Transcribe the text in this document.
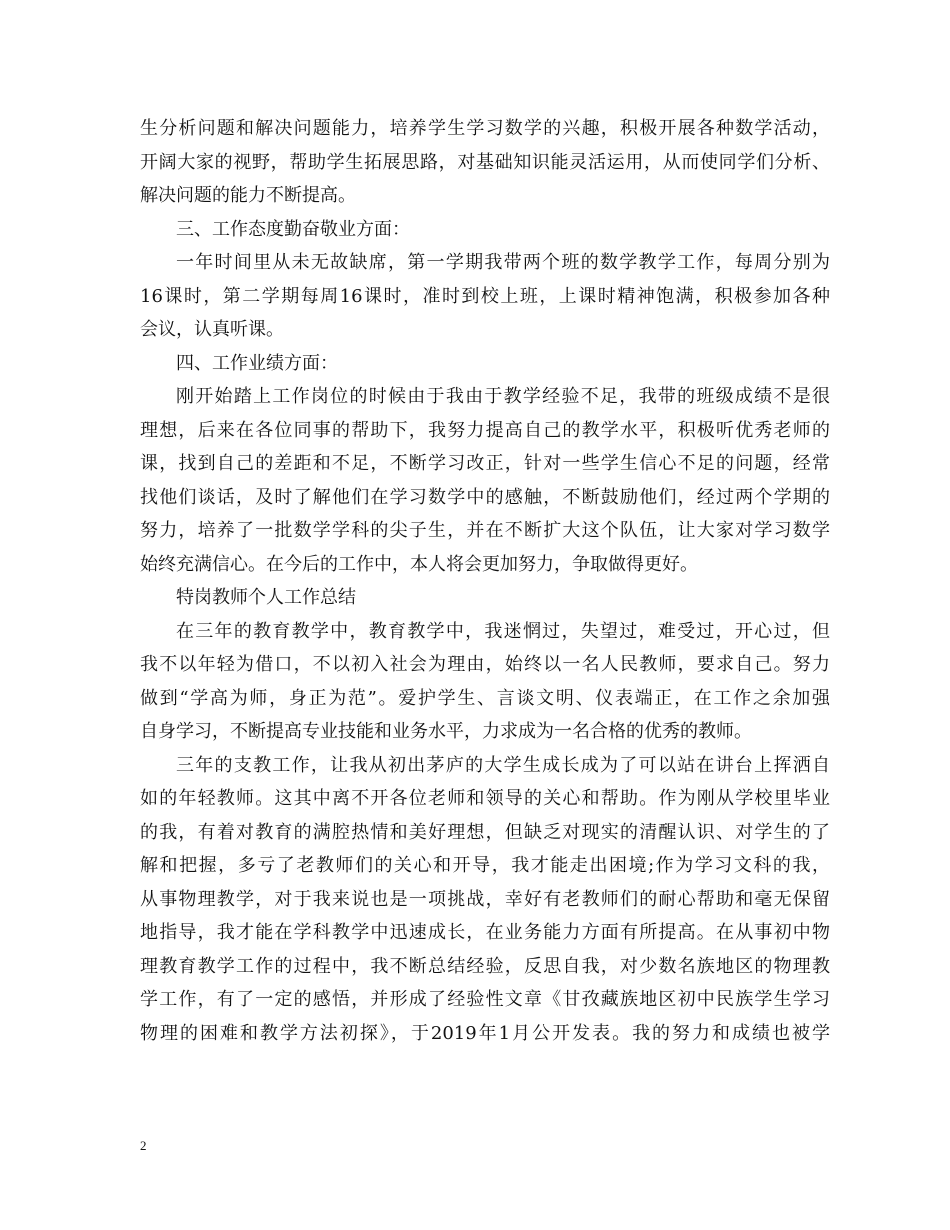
生分析问题和解决问题能力，培养学生学习数学的兴趣，积极开展各种数学活动，
开阔大家的视野，帮助学生拓展思路，对基础知识能灵活运用，从而使同学们分析、
解决问题的能力不断提高。
三、工作态度勤奋敬业方面：
一年时间里从未无故缺席，第一学期我带两个班的数学教学工作，每周分别为
16课时，第二学期每周16课时，准时到校上班，上课时精神饱满，积极参加各种
会议，认真听课。
四、工作业绩方面：
刚开始踏上工作岗位的时候由于我由于教学经验不足，我带的班级成绩不是很
理想，后来在各位同事的帮助下，我努力提高自己的教学水平，积极听优秀老师的
课，找到自己的差距和不足，不断学习改正，针对一些学生信心不足的问题，经常
找他们谈话，及时了解他们在学习数学中的感触，不断鼓励他们，经过两个学期的
努力，培养了一批数学学科的尖子生，并在不断扩大这个队伍，让大家对学习数学
始终充满信心。在今后的工作中，本人将会更加努力，争取做得更好。
特岗教师个人工作总结
在三年的教育教学中，教育教学中，我迷惘过，失望过，难受过，开心过，但
我不以年轻为借口，不以初入社会为理由，始终以一名人民教师，要求自己。努力
做到“学高为师，身正为范”。爱护学生、言谈文明、仪表端正，在工作之余加强
自身学习，不断提高专业技能和业务水平，力求成为一名合格的优秀的教师。
三年的支教工作，让我从初出茅庐的大学生成长成为了可以站在讲台上挥洒自
如的年轻教师。这其中离不开各位老师和领导的关心和帮助。作为刚从学校里毕业
的我，有着对教育的满腔热情和美好理想，但缺乏对现实的清醒认识、对学生的了
解和把握，多亏了老教师们的关心和开导，我才能走出困境;作为学习文科的我，
从事物理教学，对于我来说也是一项挑战，幸好有老教师们的耐心帮助和毫无保留
地指导，我才能在学科教学中迅速成长，在业务能力方面有所提高。在从事初中物
理教育教学工作的过程中，我不断总结经验，反思自我，对少数名族地区的物理教
学工作，有了一定的感悟，并形成了经验性文章《甘孜藏族地区初中民族学生学习
物理的困难和教学方法初探》，于2019年1月公开发表。我的努力和成绩也被学
2
